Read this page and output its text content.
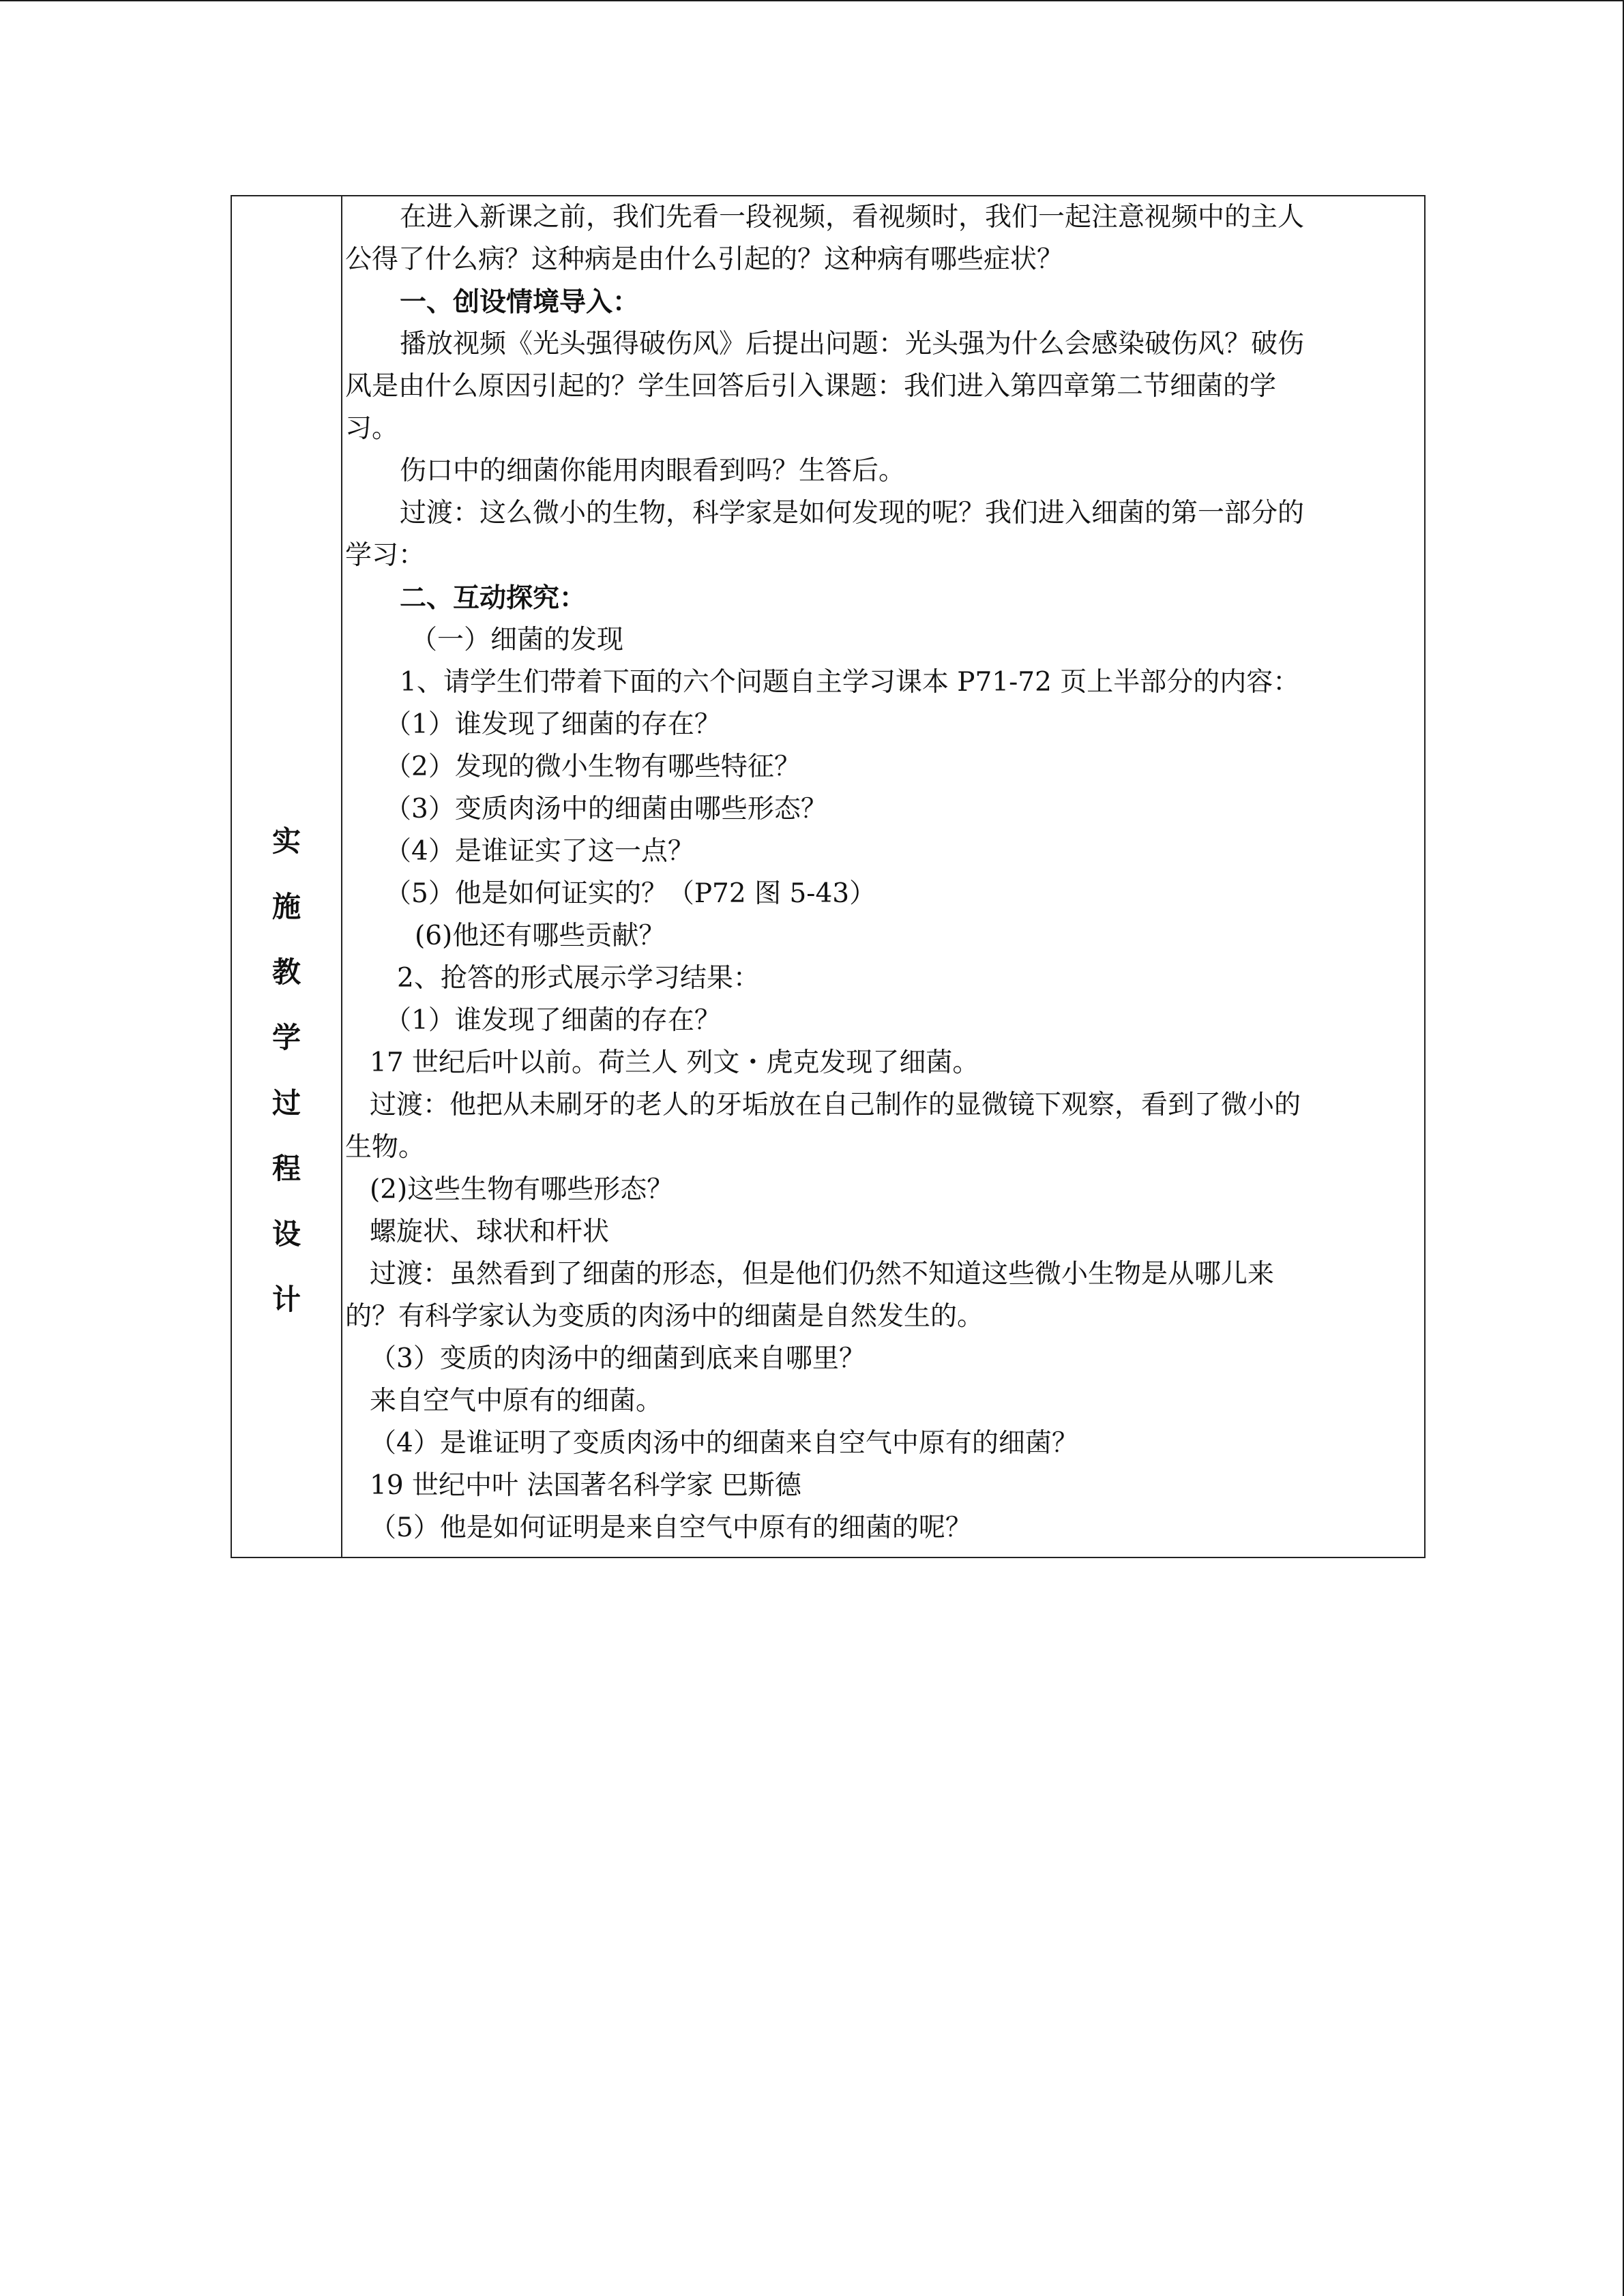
实
施
教
学
过
程
设
计
在进入新课之前，我们先看一段视频，看视频时，我们一起注意视频中的主人
公得了什么病？这种病是由什么引起的？这种病有哪些症状？
一、创设情境导入：
播放视频《光头强得破伤风》后提出问题：光头强为什么会感染破伤风？破伤
风是由什么原因引起的？学生回答后引入课题：我们进入第四章第二节细菌的学
习。
伤口中的细菌你能用肉眼看到吗？生答后。
过渡：这么微小的生物，科学家是如何发现的呢？我们进入细菌的第一部分的
学习：
二、互动探究：
（一）细菌的发现
1、请学生们带着下面的六个问题自主学习课本 P71-72 页上半部分的内容：
（1）谁发现了细菌的存在？
（2）发现的微小生物有哪些特征？
（3）变质肉汤中的细菌由哪些形态？
（4）是谁证实了这一点？
（5）他是如何证实的？（P72 图 5-43）
(6)他还有哪些贡献？
2、抢答的形式展示学习结果：
（1）谁发现了细菌的存在？
17 世纪后叶以前。荷兰人 列文・虎克发现了细菌。
过渡：他把从未刷牙的老人的牙垢放在自己制作的显微镜下观察，看到了微小的
生物。
(2)这些生物有哪些形态？
螺旋状、球状和杆状
过渡：虽然看到了细菌的形态，但是他们仍然不知道这些微小生物是从哪儿来
的？有科学家认为变质的肉汤中的细菌是自然发生的。
（3）变质的肉汤中的细菌到底来自哪里？
来自空气中原有的细菌。
（4）是谁证明了变质肉汤中的细菌来自空气中原有的细菌？
19 世纪中叶 法国著名科学家 巴斯德
（5）他是如何证明是来自空气中原有的细菌的呢？
